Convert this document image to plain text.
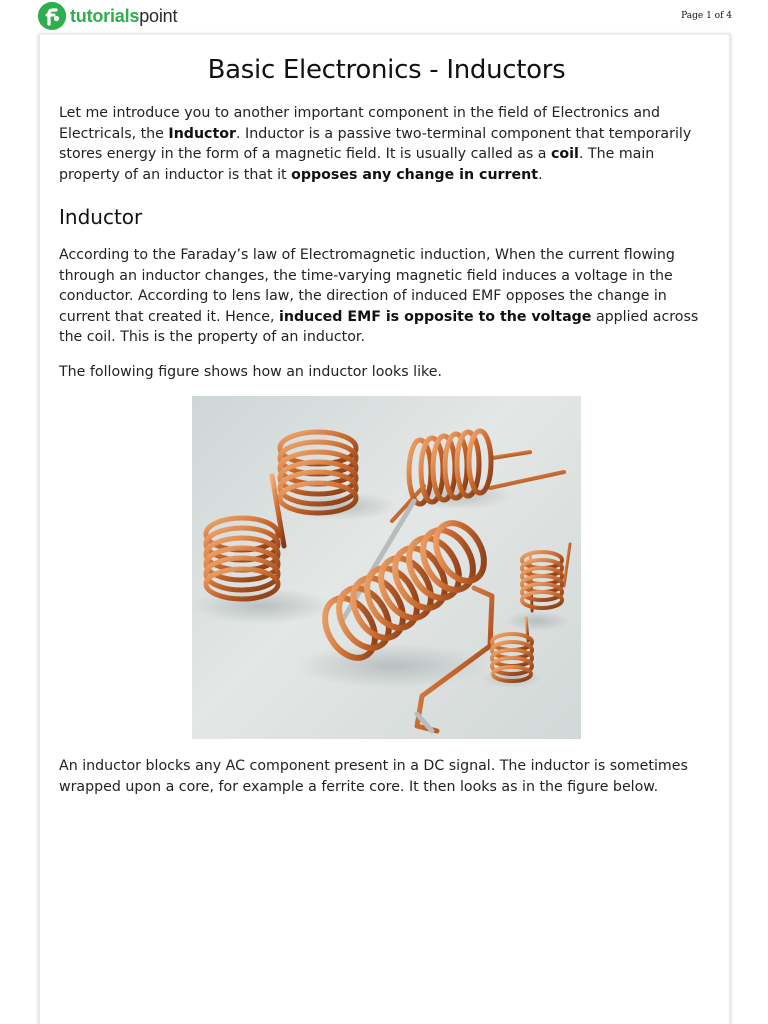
tutorialspoint	Page 1 of 4
Basic Electronics - Inductors

Let me introduce you to another important component in the field of Electronics and Electricals, the Inductor. Inductor is a passive two-terminal component that temporarily stores energy in the form of a magnetic field. It is usually called as a coil. The main property of an inductor is that it opposes any change in current.

Inductor

According to the Faraday’s law of Electromagnetic induction, When the current flowing through an inductor changes, the time-varying magnetic field induces a voltage in the conductor. According to lens law, the direction of induced EMF opposes the change in current that created it. Hence, induced EMF is opposite to the voltage applied across the coil. This is the property of an inductor.

The following figure shows how an inductor looks like.

An inductor blocks any AC component present in a DC signal. The inductor is sometimes wrapped upon a core, for example a ferrite core. It then looks as in the figure below.
